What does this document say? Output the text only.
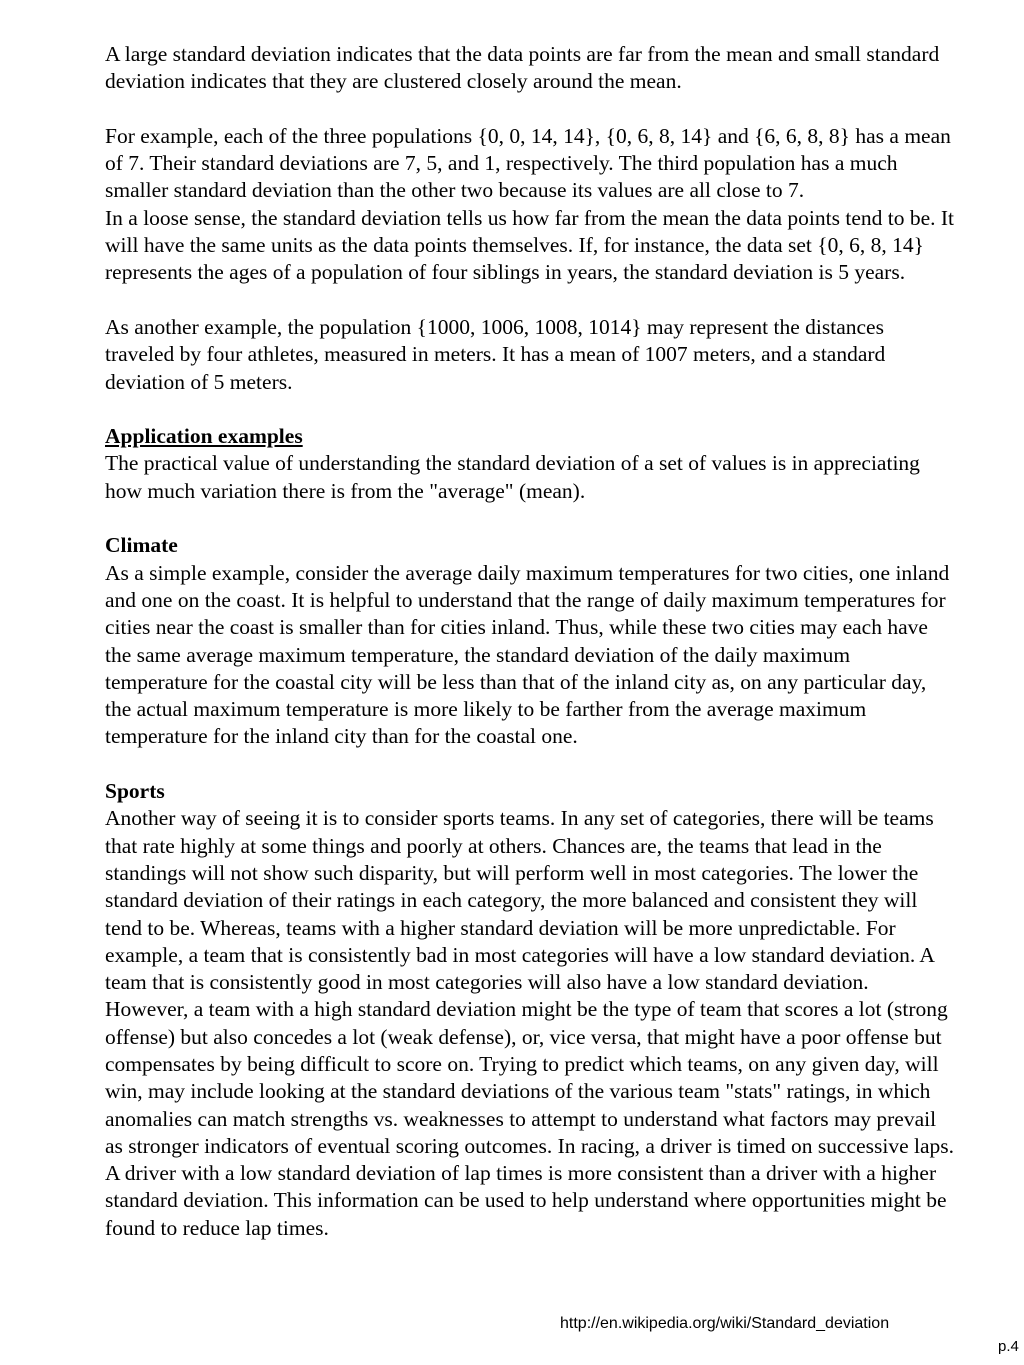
A large standard deviation indicates that the data points are far from the mean and small standard deviation indicates that they are clustered closely around the mean.

For example, each of the three populations {0, 0, 14, 14}, {0, 6, 8, 14} and {6, 6, 8, 8} has a mean of 7. Their standard deviations are 7, 5, and 1, respectively. The third population has a much smaller standard deviation than the other two because its values are all close to 7.

In a loose sense, the standard deviation tells us how far from the mean the data points tend to be. It will have the same units as the data points themselves. If, for instance, the data set {0, 6, 8, 14} represents the ages of a population of four siblings in years, the standard deviation is 5 years.

As another example, the population {1000, 1006, 1008, 1014} may represent the distances traveled by four athletes, measured in meters. It has a mean of 1007 meters, and a standard deviation of 5 meters.

Application examples
The practical value of understanding the standard deviation of a set of values is in appreciating how much variation there is from the "average" (mean).
Climate
As a simple example, consider the average daily maximum temperatures for two cities, one inland and one on the coast. It is helpful to understand that the range of daily maximum temperatures for cities near the coast is smaller than for cities inland. Thus, while these two cities may each have the same average maximum temperature, the standard deviation of the daily maximum temperature for the coastal city will be less than that of the inland city as, on any particular day, the actual maximum temperature is more likely to be farther from the average maximum temperature for the inland city than for the coastal one.
Sports
Another way of seeing it is to consider sports teams. In any set of categories, there will be teams that rate highly at some things and poorly at others. Chances are, the teams that lead in the standings will not show such disparity, but will perform well in most categories. The lower the standard deviation of their ratings in each category, the more balanced and consistent they will tend to be. Whereas, teams with a higher standard deviation will be more unpredictable. For example, a team that is consistently bad in most categories will have a low standard deviation. A team that is consistently good in most categories will also have a low standard deviation. However, a team with a high standard deviation might be the type of team that scores a lot (strong offense) but also concedes a lot (weak defense), or, vice versa, that might have a poor offense but compensates by being difficult to score on. Trying to predict which teams, on any given day, will win, may include looking at the standard deviations of the various team "stats" ratings, in which anomalies can match strengths vs. weaknesses to attempt to understand what factors may prevail as stronger indicators of eventual scoring outcomes. In racing, a driver is timed on successive laps. A driver with a low standard deviation of lap times is more consistent than a driver with a higher standard deviation. This information can be used to help understand where opportunities might be found to reduce lap times.
http://en.wikipedia.org/wiki/Standard_deviation
p.4
